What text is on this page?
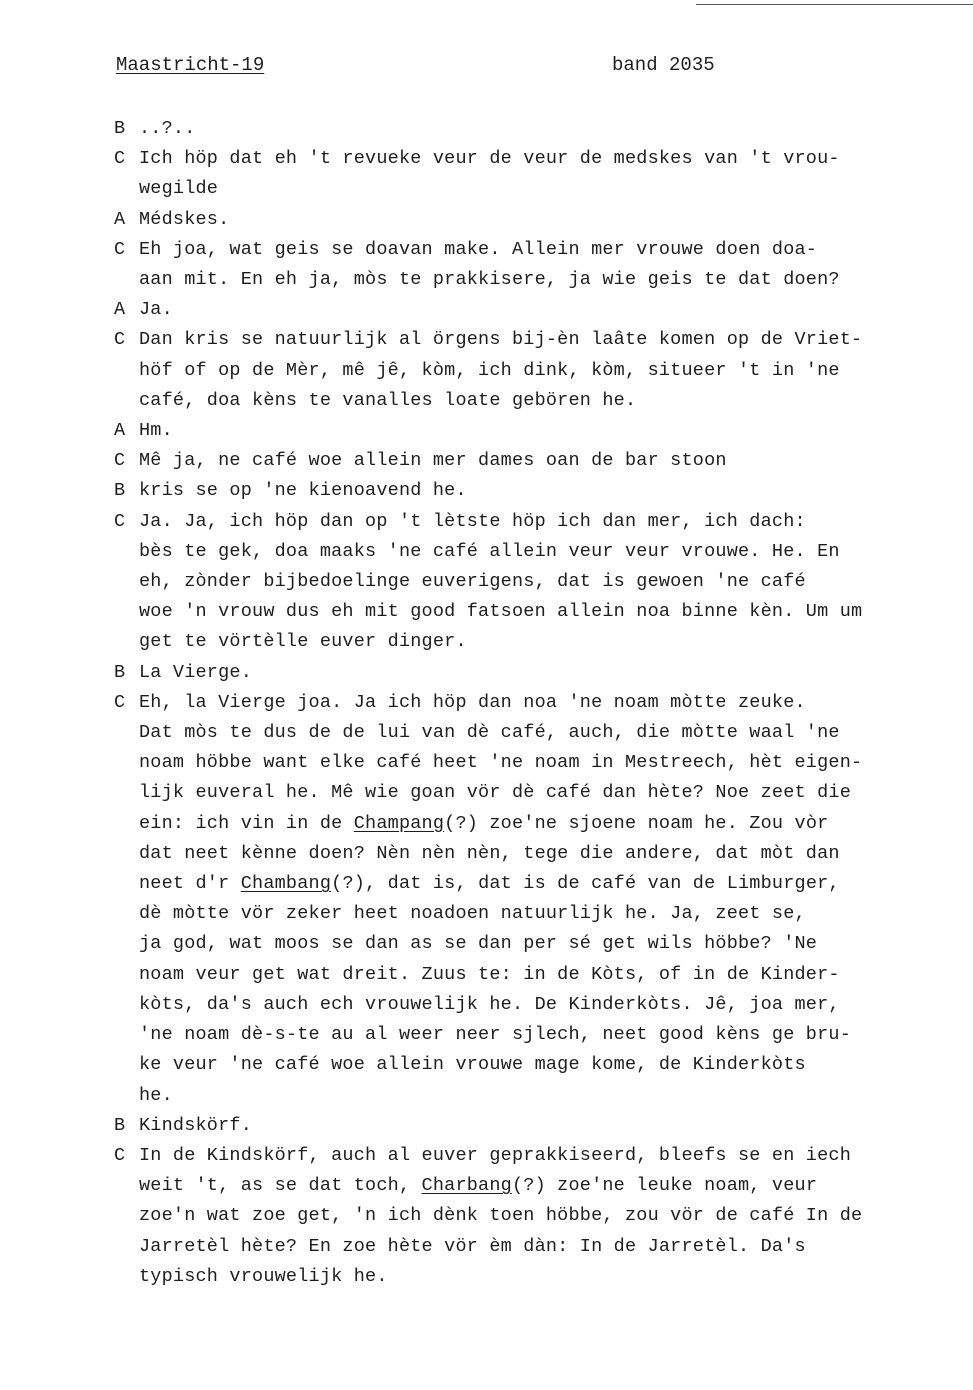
Maastricht-19	band 2035
B ..?..
C Ich höp dat eh 't revueke veur de veur de medskes van 't vrou-
wegilde
A Médskes.
C Eh joa, wat geis se doavan make. Allein mer vrouwe doen doa-
aan mit. En eh ja, mòs te prakkisere, ja wie geis te dat doen?
A Ja.
C Dan kris se natuurlijk al örgens bij-èn laâte komen op de Vriet-
höf of op de Mèr, mê jê, kòm, ich dink, kòm, situeer 't in 'ne
café, doa kèns te vanalles loate gebören he.
A Hm.
C Mê ja, ne café woe allein mer dames oan de bar stoon
B kris se op 'ne kienoavend he.
C Ja. Ja, ich höp dan op 't lètste höp ich dan mer, ich dach:
bès te gek, doa maaks 'ne café allein veur veur vrouwe. He. En
eh, zònder bijbedoelinge euverigens, dat is gewoen 'ne café
woe 'n vrouw dus eh mit good fatsoen allein noa binne kèn. Um um
get te vörtèlle euver dinger.
B La Vierge.
C Eh, la Vierge joa. Ja ich höp dan noa 'ne noam mòtte zeuke.
Dat mòs te dus de de lui van dè café, auch, die mòtte waal 'ne
noam höbbe want elke café heet 'ne noam in Mestreech, hèt eigen-
lijk euveral he. Mê wie goan vör dè café dan hète? Noe zeet die
ein: ich vin in de Champang(?) zoe'ne sjoene noam he. Zou vòr
dat neet kènne doen? Nèn nèn nèn, tege die andere, dat mòt dan
neet d'r Chambang(?), dat is, dat is de café van de Limburger,
dè mòtte vör zeker heet noadoen natuurlijk he. Ja, zeet se,
ja god, wat moos se dan as se dan per sé get wils höbbe? 'Ne
noam veur get wat dreit. Zuus te: in de Kòts, of in de Kinder-
kòts, da's auch ech vrouwelijk he. De Kinderkòts. Jê, joa mer,
'ne noam dè-s-te au al weer neer sjlech, neet good kèns ge bru-
ke veur 'ne café woe allein vrouwe mage kome, de Kinderkòts
he.
B Kindskörf.
C In de Kindskörf, auch al euver geprakkiseerd, bleefs se en iech
weit 't, as se dat toch, Charbang(?) zoe'ne leuke noam, veur
zoe'n wat zoe get, 'n ich dènk toen höbbe, zou vör de café In de
Jarretèl hète? En zoe hète vör èm dàn: In de Jarretèl. Da's
typisch vrouwelijk he.
